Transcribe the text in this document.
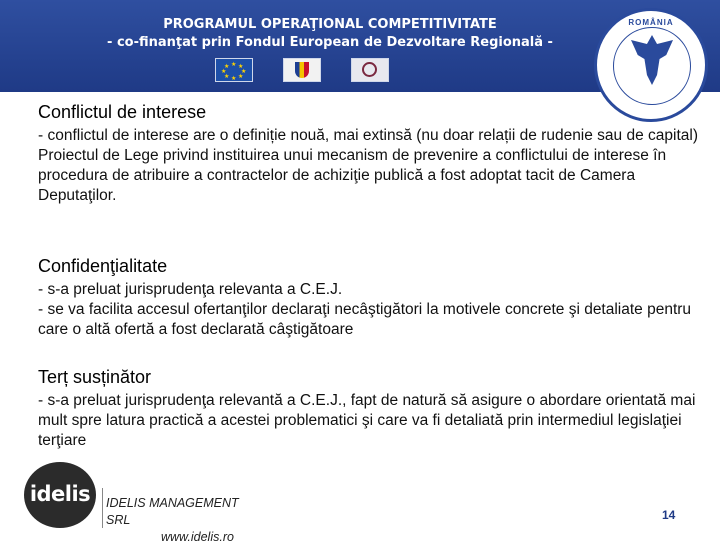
PROGRAMUL OPERAŢIONAL COMPETITIVITATE
- co-finanţat prin Fondul European de Dezvoltare Regională -
★ ★
★
★
★
★
★
★
ROMÂNIA
Conflictul de interese

- conflictul de interese are o definiție nouă, mai extinsă (nu doar relații de rudenie sau de capital)

Proiectul de Lege privind instituirea unui mecanism de prevenire a conflictului de interese în procedura de atribuire a contractelor de achiziţie publică a fost adoptat tacit de Camera Deputaţilor.

Confidenţialitate

- s-a preluat jurisprudenţa relevanta a C.E.J.

- se va facilita accesul ofertanţilor declaraţi necâştigători la motivele concrete şi detaliate pentru care o altă ofertă a fost declarată câştigătoare

Terț susținător

- s-a preluat jurisprudenţa relevantă a C.E.J., fapt de natură să asigure o abordare orientată mai mult spre latura practică a acestei problematici şi care va fi detaliată prin intermediul legislaţiei terţiare

idelis	IDELIS MANAGEMENT SRL
www.idelis.ro
14
